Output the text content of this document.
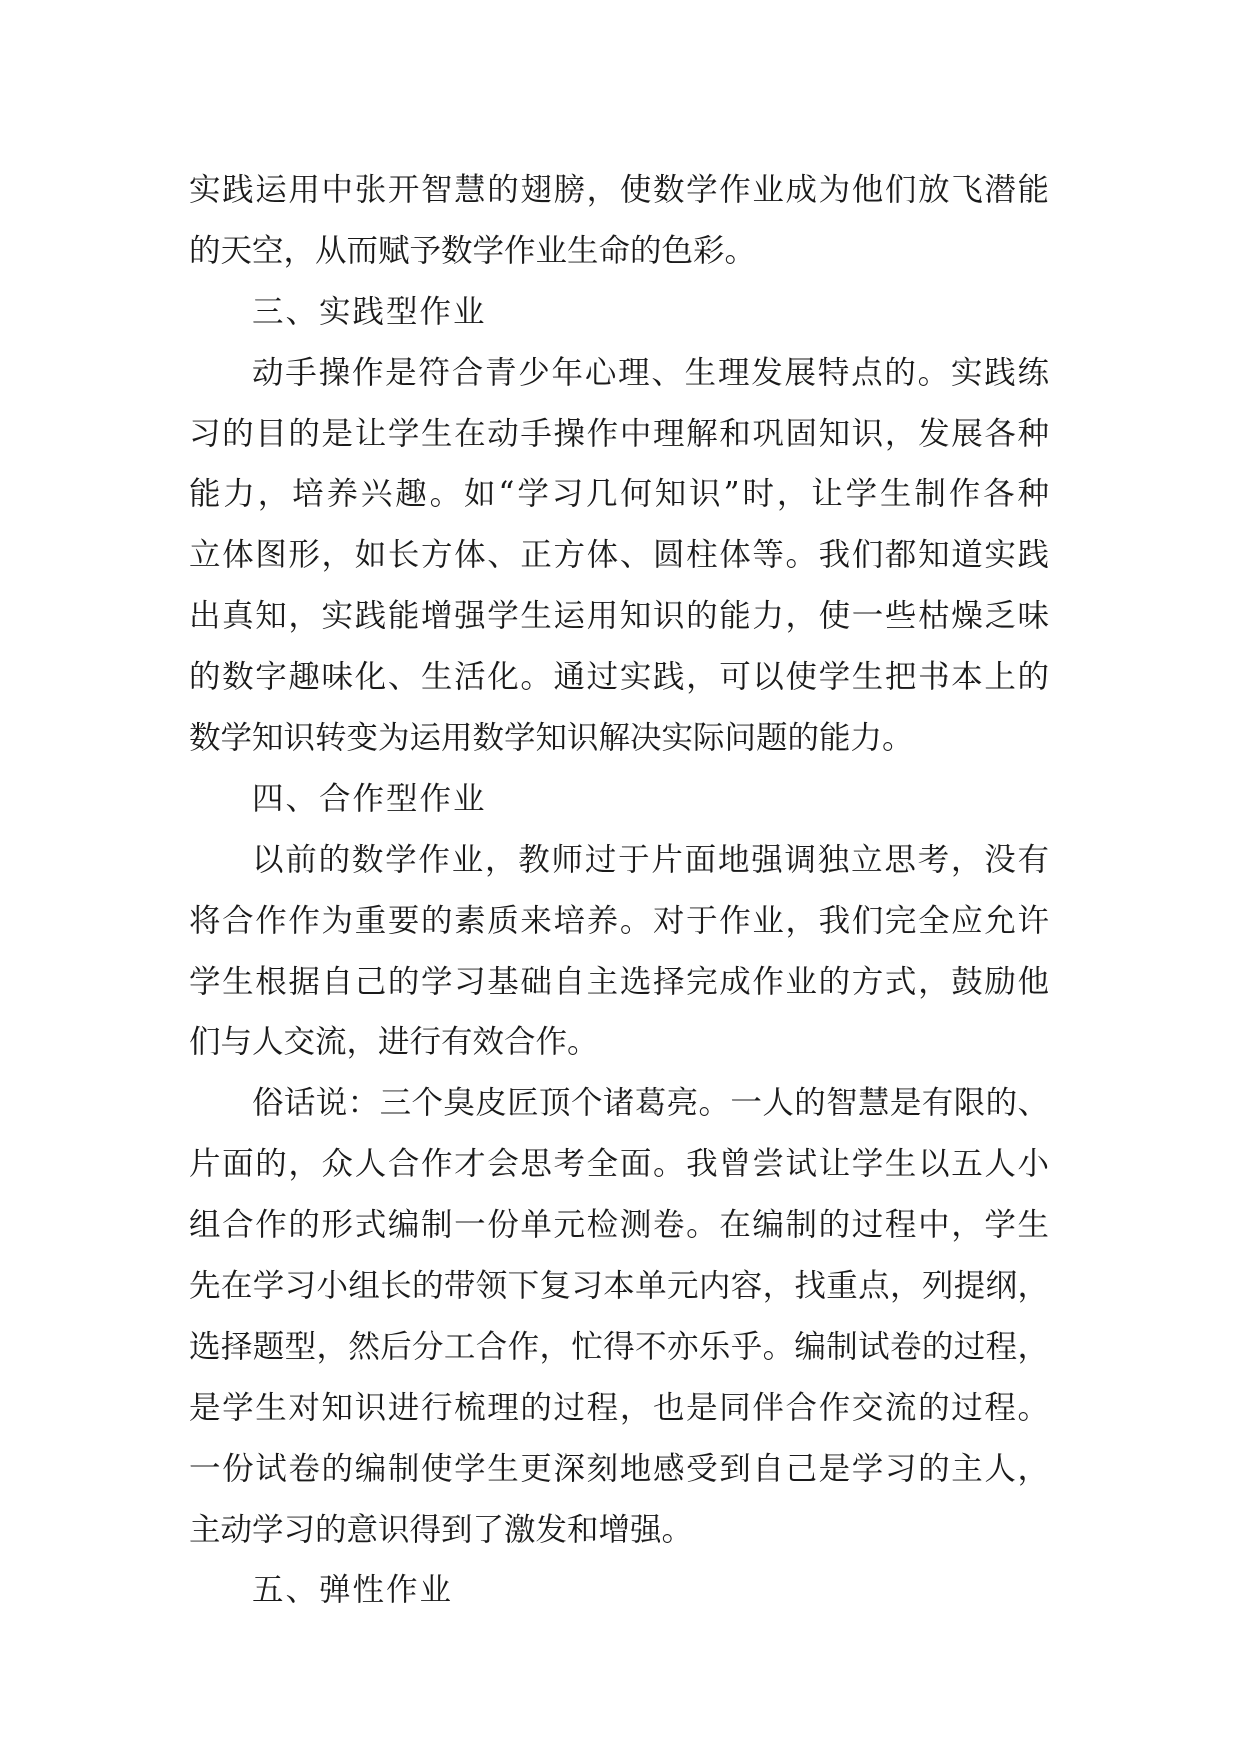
实践运用中张开智慧的翅膀，使数学作业成为他们放飞潜能
的天空，从而赋予数学作业生命的色彩。
三、实践型作业
动手操作是符合青少年心理、生理发展特点的。实践练
习的目的是让学生在动手操作中理解和巩固知识，发展各种
能力，培养兴趣。如“学习几何知识”时，让学生制作各种
立体图形，如长方体、正方体、圆柱体等。我们都知道实践
出真知，实践能增强学生运用知识的能力，使一些枯燥乏味
的数字趣味化、生活化。通过实践，可以使学生把书本上的
数学知识转变为运用数学知识解决实际问题的能力。
四、合作型作业
以前的数学作业，教师过于片面地强调独立思考，没有
将合作作为重要的素质来培养。对于作业，我们完全应允许
学生根据自己的学习基础自主选择完成作业的方式，鼓励他
们与人交流，进行有效合作。
俗话说：三个臭皮匠顶个诸葛亮。一人的智慧是有限的、
片面的，众人合作才会思考全面。我曾尝试让学生以五人小
组合作的形式编制一份单元检测卷。在编制的过程中，学生
先在学习小组长的带领下复习本单元内容，找重点，列提纲，
选择题型，然后分工合作，忙得不亦乐乎。编制试卷的过程，
是学生对知识进行梳理的过程，也是同伴合作交流的过程。
一份试卷的编制使学生更深刻地感受到自己是学习的主人，
主动学习的意识得到了激发和增强。
五、弹性作业
